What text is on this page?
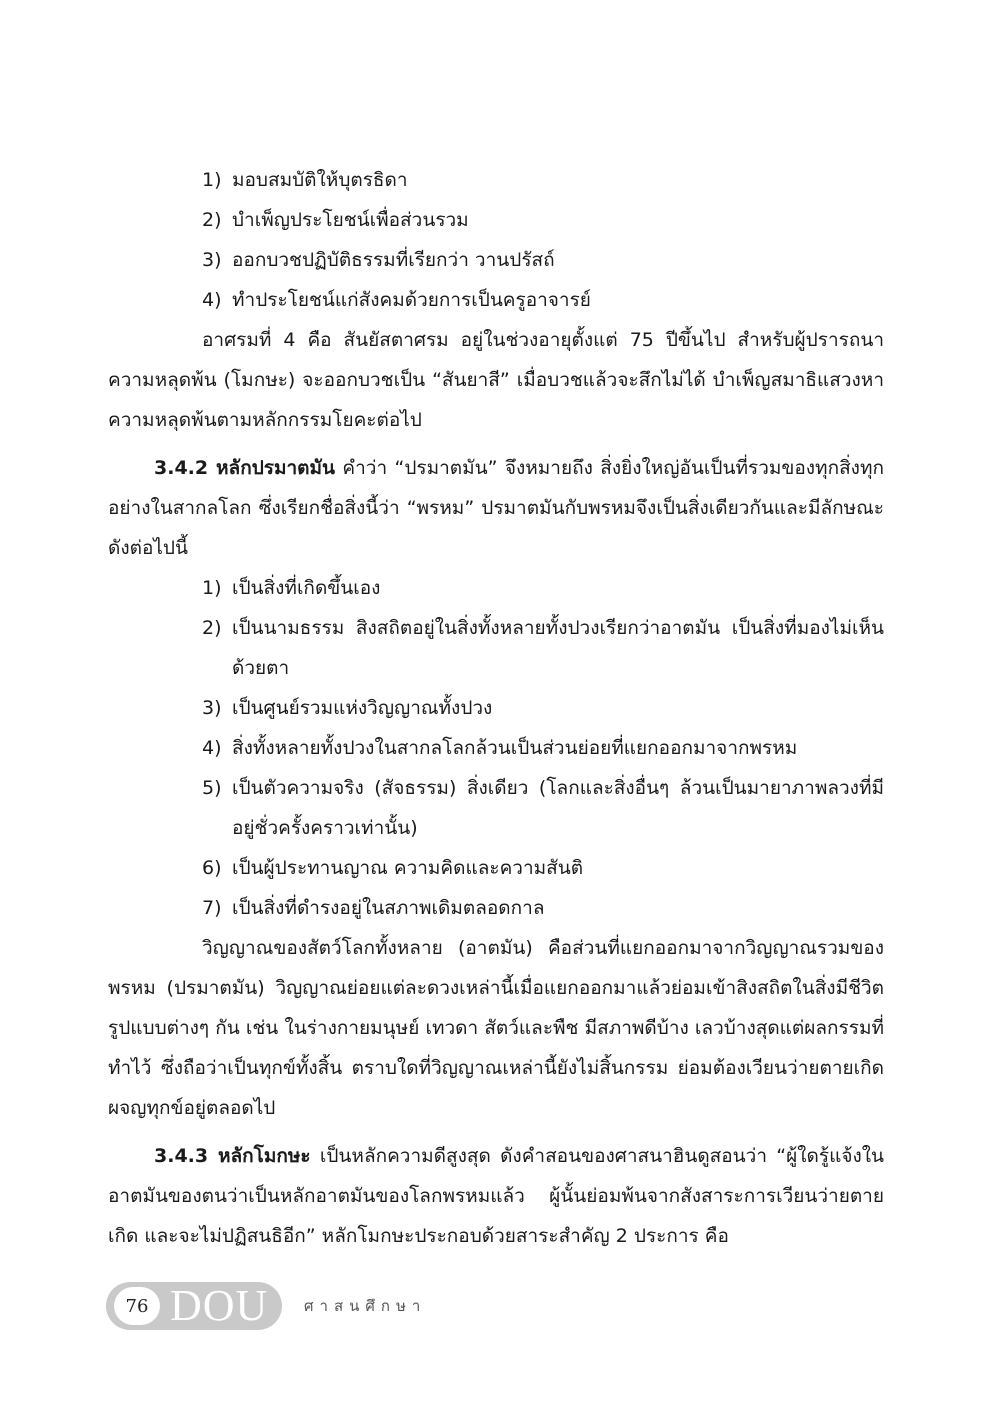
1) มอบสมบัติให้บุตรธิดา
2) บำเพ็ญประโยชน์เพื่อส่วนรวม
3) ออกบวชปฏิบัติธรรมที่เรียกว่า วานปรัสถ์
4) ทำประโยชน์แก่สังคมด้วยการเป็นครูอาจารย์
อาศรมที่ 4 คือ สันยัสตาศรม อยู่ในช่วงอายุตั้งแต่ 75 ปีขึ้นไป สำหรับผู้ปรารถนาความหลุดพ้น (โมกษะ) จะออกบวชเป็น “สันยาสี” เมื่อบวชแล้วจะสึกไม่ได้ บำเพ็ญสมาธิแสวงหาความหลุดพ้นตามหลักกรรมโยคะต่อไป
3.4.2 หลักปรมาตมัน คำว่า “ปรมาตมัน” จึงหมายถึง สิ่งยิ่งใหญ่อันเป็นที่รวมของทุกสิ่งทุกอย่างในสากลโลก ซึ่งเรียกชื่อสิ่งนี้ว่า “พรหม” ปรมาตมันกับพรหมจึงเป็นสิ่งเดียวกันและมีลักษณะดังต่อไปนี้
1) เป็นสิ่งที่เกิดขึ้นเอง
2) เป็นนามธรรม สิงสถิตอยู่ในสิ่งทั้งหลายทั้งปวงเรียกว่าอาตมัน เป็นสิ่งที่มองไม่เห็นด้วยตา
3) เป็นศูนย์รวมแห่งวิญญาณทั้งปวง
4) สิ่งทั้งหลายทั้งปวงในสากลโลกล้วนเป็นส่วนย่อยที่แยกออกมาจากพรหม
5) เป็นตัวความจริง (สัจธรรม) สิ่งเดียว (โลกและสิ่งอื่นๆ ล้วนเป็นมายาภาพลวงที่มีอยู่ชั่วครั้งคราวเท่านั้น)
6) เป็นผู้ประทานญาณ ความคิดและความสันติ
7) เป็นสิ่งที่ดำรงอยู่ในสภาพเดิมตลอดกาล
วิญญาณของสัตว์โลกทั้งหลาย (อาตมัน) คือส่วนที่แยกออกมาจากวิญญาณรวมของพรหม (ปรมาตมัน) วิญญาณย่อยแต่ละดวงเหล่านี้เมื่อแยกออกมาแล้วย่อมเข้าสิงสถิตในสิ่งมีชีวิตรูปแบบต่างๆ กัน เช่น ในร่างกายมนุษย์ เทวดา สัตว์และพืช มีสภาพดีบ้าง เลวบ้างสุดแต่ผลกรรมที่ทำไว้ ซึ่งถือว่าเป็นทุกข์ทั้งสิ้น ตราบใดที่วิญญาณเหล่านี้ยังไม่สิ้นกรรม ย่อมต้องเวียนว่ายตายเกิดผจญทุกข์อยู่ตลอดไป
3.4.3 หลักโมกษะ เป็นหลักความดีสูงสุด ดังคำสอนของศาสนาฮินดูสอนว่า “ผู้ใดรู้แจ้งในอาตมันของตนว่าเป็นหลักอาตมันของโลกพรหมแล้ว ผู้นั้นย่อมพ้นจากสังสาระการเวียนว่ายตายเกิด และจะไม่ปฏิสนธิอีก” หลักโมกษะประกอบด้วยสาระสำคัญ 2 ประการ คือ
76 DOU ศาสนศึกษา
